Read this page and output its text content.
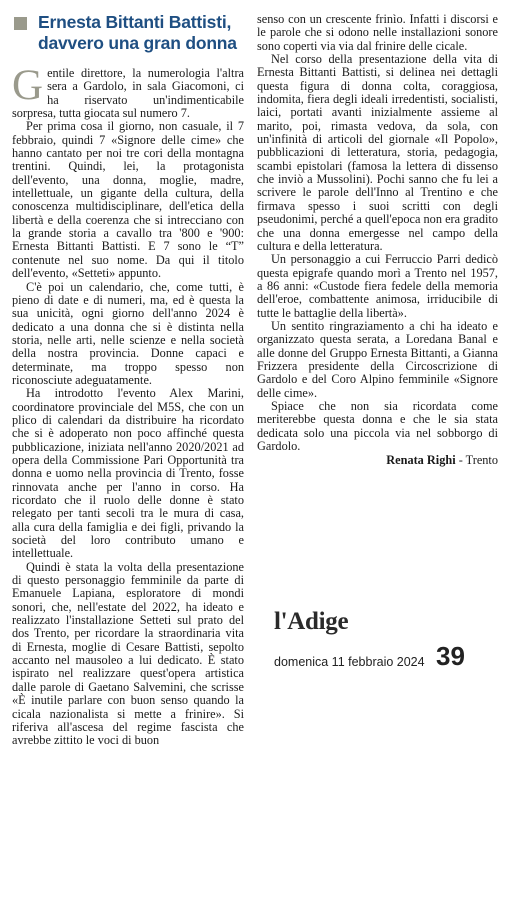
Ernesta Bittanti Battisti, davvero una gran donna

Gentile direttore, la numerologia l'altra sera a Gardolo, in sala Giacomoni, ci ha riservato un'indimenticabile sorpresa, tutta giocata sul numero 7.

Per prima cosa il giorno, non casuale, il 7 febbraio, quindi 7 «Signore delle cime» che hanno cantato per noi tre cori della montagna trentini. Quindi, lei, la protagonista dell'evento, una donna, moglie, madre, intellettuale, un gigante della cultura, della conoscenza multidisciplinare, dell'etica della libertà e della coerenza che si intrecciano con la grande storia a cavallo tra '800 e '900: Ernesta Bittanti Battisti. E 7 sono le “T” contenute nel suo nome. Da qui il titolo dell'evento, «Setteti» appunto.

C'è poi un calendario, che, come tutti, è pieno di date e di numeri, ma, ed è questa la sua unicità, ogni giorno dell'anno 2024 è dedicato a una donna che si è distinta nella storia, nelle arti, nelle scienze e nella società della nostra provincia. Donne capaci e determinate, ma troppo spesso non riconosciute adeguatamente.

Ha introdotto l'evento Alex Marini, coordinatore provinciale del M5S, che con un plico di calendari da distribuire ha ricordato che si è adoperato non poco affinché questa pubblicazione, iniziata nell'anno 2020/2021 ad opera della Commissione Pari Opportunità tra donna e uomo nella provincia di Trento, fosse rinnovata anche per l'anno in corso. Ha ricordato che il ruolo delle donne è stato relegato per tanti secoli tra le mura di casa, alla cura della famiglia e dei figli, privando la società del loro contributo umano e intellettuale.

Quindi è stata la volta della presentazione di questo personaggio femminile da parte di Emanuele Lapiana, esploratore di mondi sonori, che, nell'estate del 2022, ha ideato e realizzato l'installazione Setteti sul prato del dos Trento, per ricordare la straordinaria vita di Ernesta, moglie di Cesare Battisti, sepolto accanto nel mausoleo a lui dedicato. È stato ispirato nel realizzare quest'opera artistica dalle parole di Gaetano Salvemini, che scrisse «È inutile parlare con buon senso quando la cicala nazionalista si mette a frinire». Si riferiva all'ascesa del regime fascista che avrebbe zittito le voci di buon

senso con un crescente frinìo. Infatti i discorsi e le parole che si odono nelle installazioni sonore sono coperti via via dal frinire delle cicale.

Nel corso della presentazione della vita di Ernesta Bittanti Battisti, si delinea nei dettagli questa figura di donna colta, coraggiosa, indomita, fiera degli ideali irredentisti, socialisti, laici, portati avanti inizialmente assieme al marito, poi, rimasta vedova, da sola, con un'infinità di articoli del giornale «Il Popolo», pubblicazioni di letteratura, storia, pedagogia, scambi epistolari (famosa la lettera di dissenso che inviò a Mussolini). Pochi sanno che fu lei a scrivere le parole dell'Inno al Trentino e che firmava spesso i suoi scritti con degli pseudonimi, perché a quell'epoca non era gradito che una donna emergesse nel campo della cultura e della letteratura.

Un personaggio a cui Ferruccio Parri dedicò questa epigrafe quando morì a Trento nel 1957, a 86 anni: «Custode fiera fedele della memoria dell'eroe, combattente animosa, irriducibile di tutte le battaglie della libertà».

Un sentito ringraziamento a chi ha ideato e organizzato questa serata, a Loredana Banal e alle donne del Gruppo Ernesta Bittanti, a Gianna Frizzera presidente della Circoscrizione di Gardolo e del Coro Alpino femminile «Signore delle cime».

Spiace che non sia ricordata come meriterebbe questa donna e che le sia stata dedicata solo una piccola via nel sobborgo di Gardolo.

Renata Righi - Trento
l'Adige
domenica 11 febbraio 2024 39
